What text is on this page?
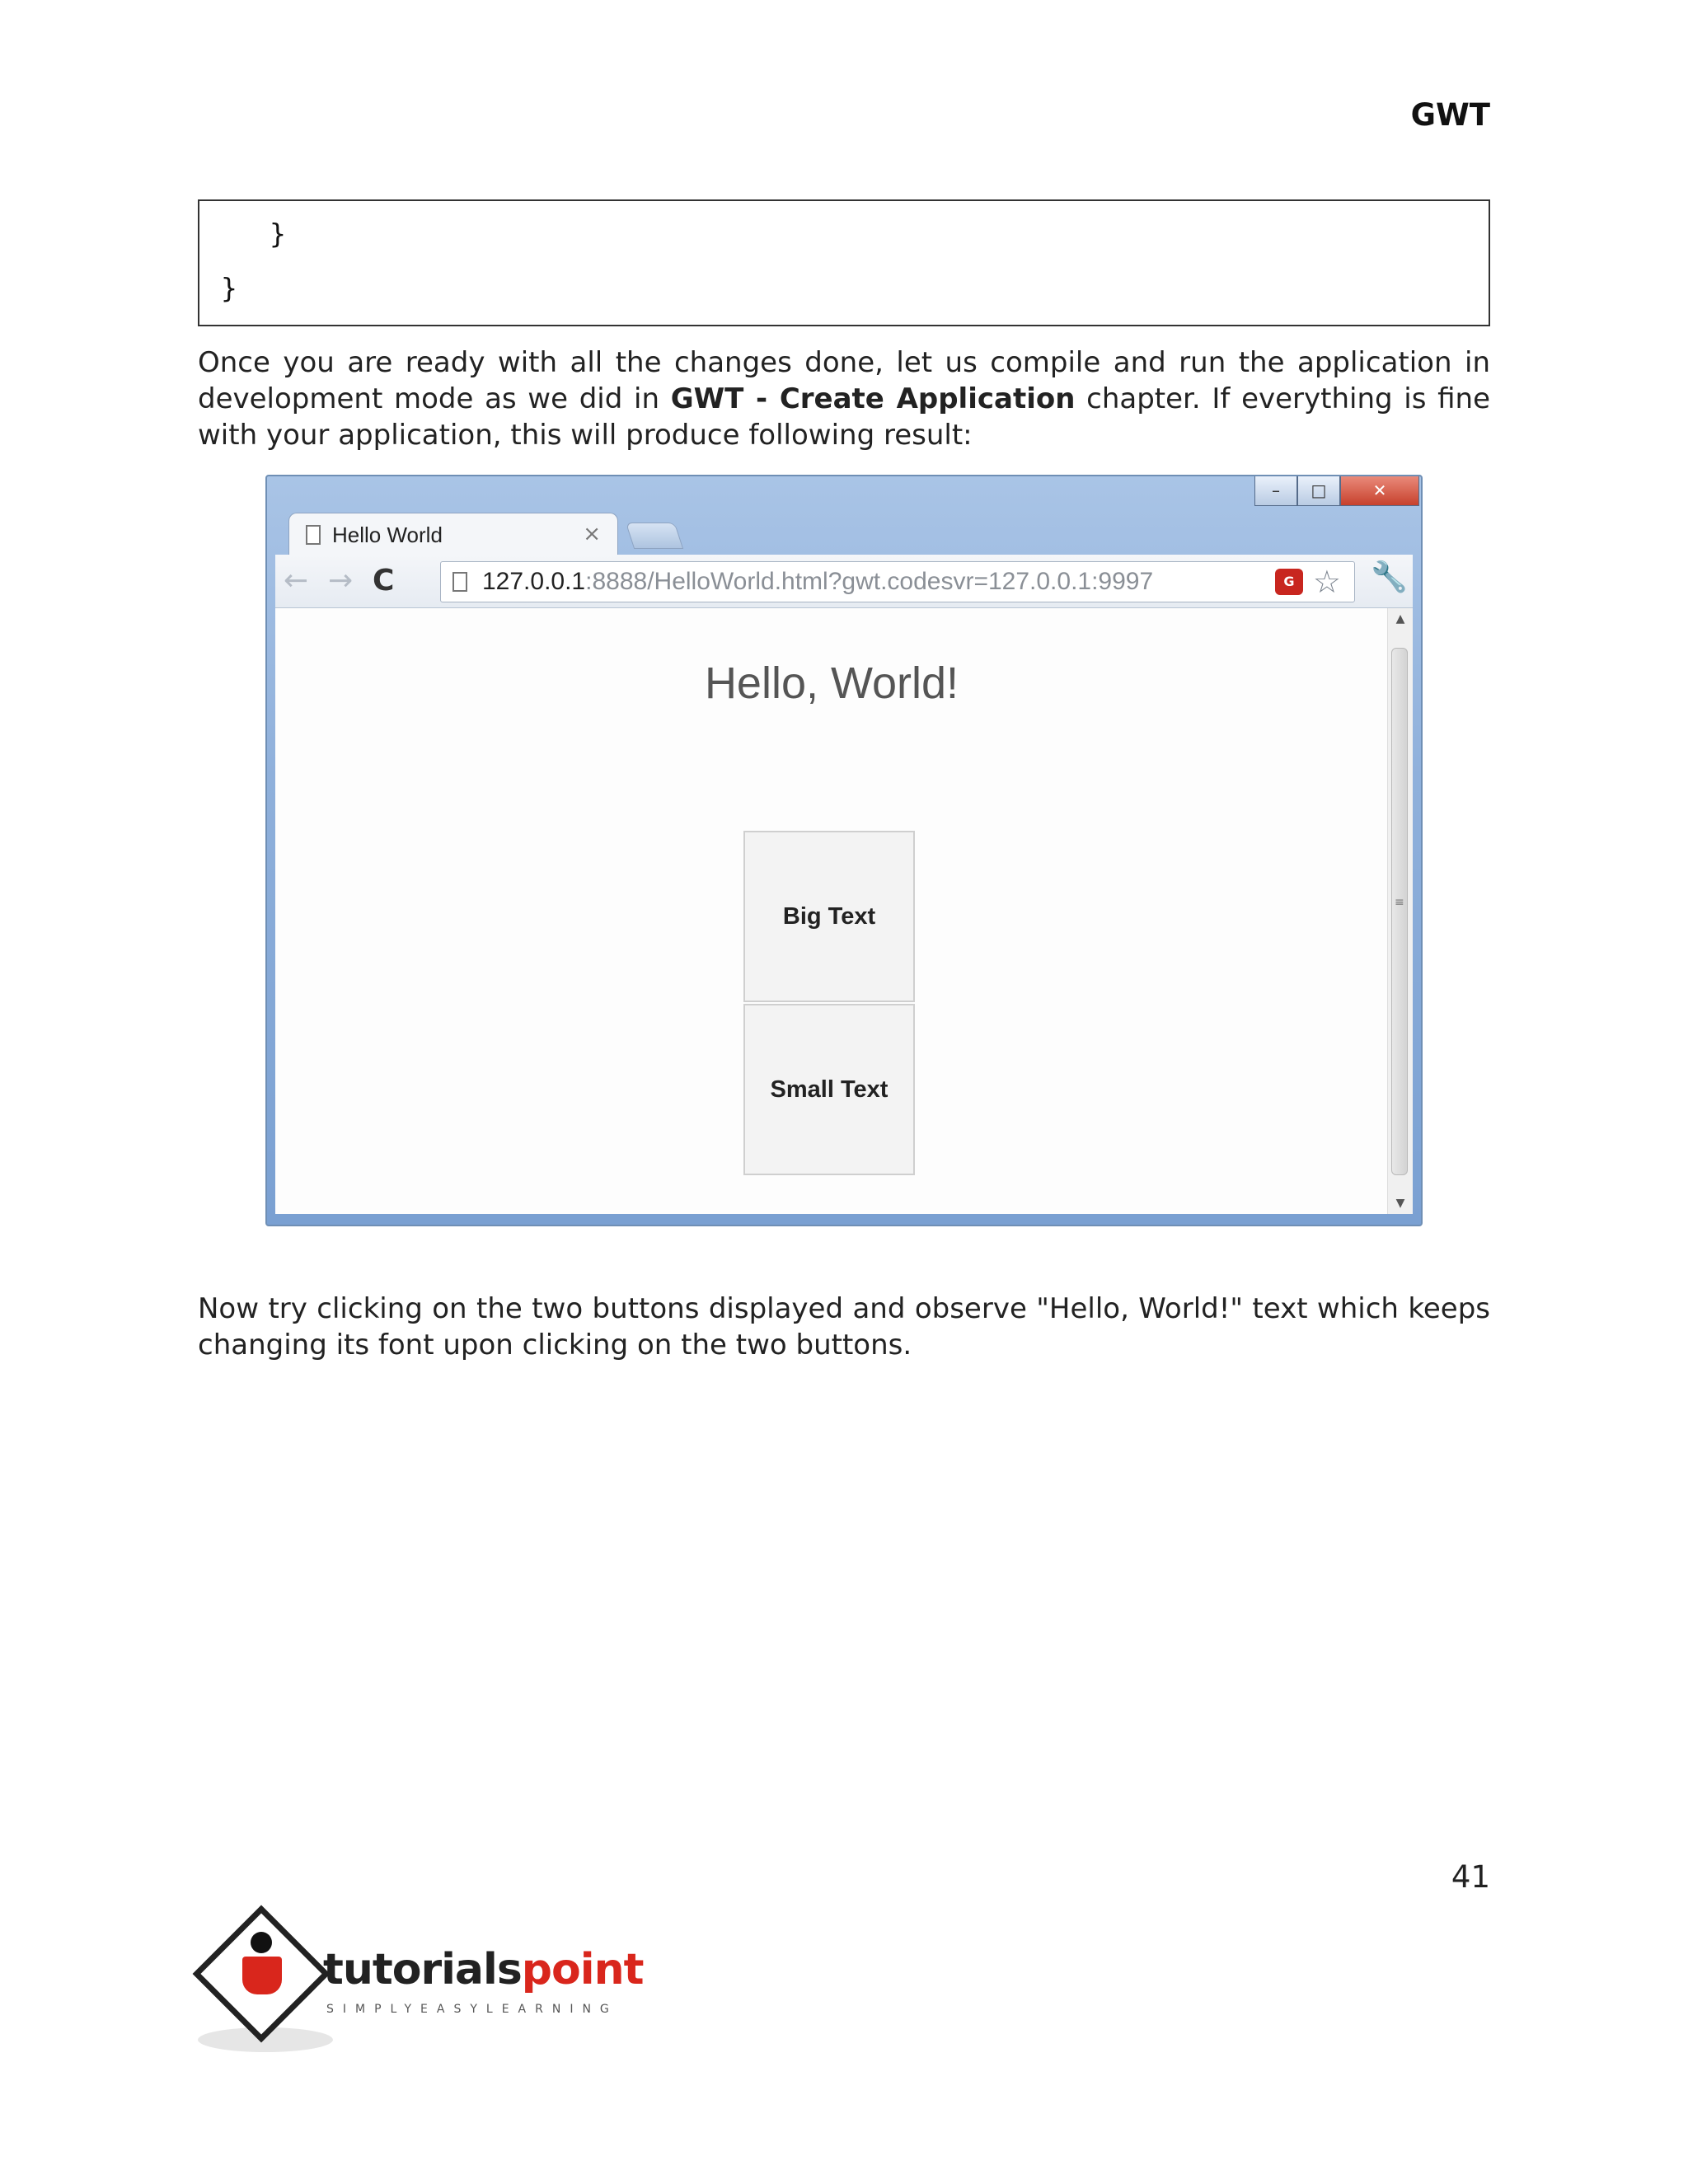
GWT
}
}
Once you are ready with all the changes done, let us compile and run the application in development mode as we did in GWT - Create Application chapter. If everything is fine with your application, this will produce following result:
–	□	✕
Hello World	×
← → C	127.0.0.1:8888/HelloWorld.html?gwt.codesvr=127.0.0.1:9997	G ☆ 🔧
Hello, World!
Big Text
Small Text
▲
≡
▼
Now try clicking on the two buttons displayed and observe "Hello, World!" text which keeps changing its font upon clicking on the two buttons.
41
tutorialspoint
SIMPLYEASYLEARNING
